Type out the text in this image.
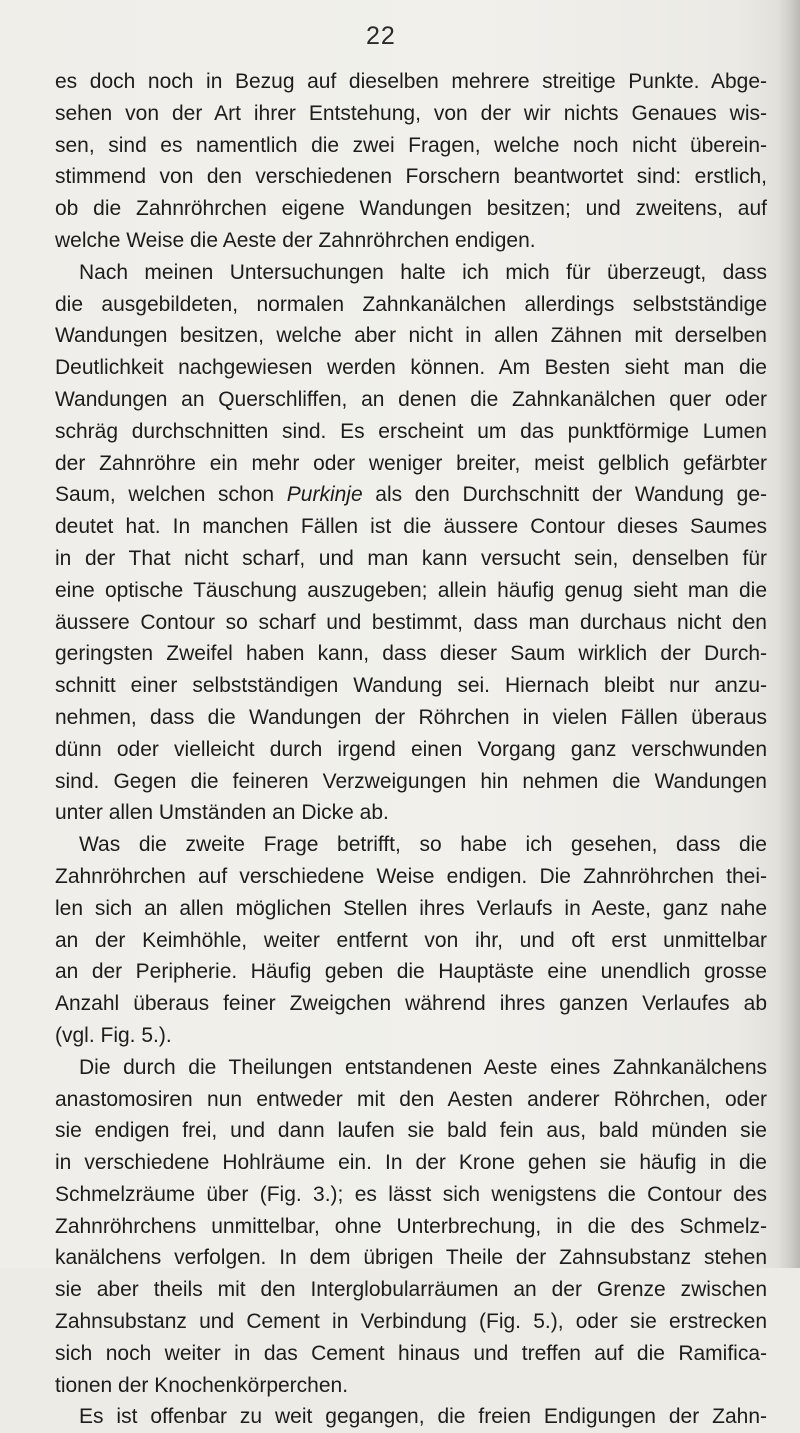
22
es doch noch in Bezug auf dieselben mehrere streitige Punkte. Abge-
sehen von der Art ihrer Entstehung, von der wir nichts Genaues wis-
sen, sind es namentlich die zwei Fragen, welche noch nicht überein-
stimmend von den verschiedenen Forschern beantwortet sind: erstlich,
ob die Zahnröhrchen eigene Wandungen besitzen; und zweitens, auf
welche Weise die Aeste der Zahnröhrchen endigen.
Nach meinen Untersuchungen halte ich mich für überzeugt, dass
die ausgebildeten, normalen Zahnkanälchen allerdings selbstständige
Wandungen besitzen, welche aber nicht in allen Zähnen mit derselben
Deutlichkeit nachgewiesen werden können. Am Besten sieht man die
Wandungen an Querschliffen, an denen die Zahnkanälchen quer oder
schräg durchschnitten sind. Es erscheint um das punktförmige Lumen
der Zahnröhre ein mehr oder weniger breiter, meist gelblich gefärbter
Saum, welchen schon Purkinje als den Durchschnitt der Wandung ge-
deutet hat. In manchen Fällen ist die äussere Contour dieses Saumes
in der That nicht scharf, und man kann versucht sein, denselben für
eine optische Täuschung auszugeben; allein häufig genug sieht man die
äussere Contour so scharf und bestimmt, dass man durchaus nicht den
geringsten Zweifel haben kann, dass dieser Saum wirklich der Durch-
schnitt einer selbstständigen Wandung sei. Hiernach bleibt nur anzu-
nehmen, dass die Wandungen der Röhrchen in vielen Fällen überaus
dünn oder vielleicht durch irgend einen Vorgang ganz verschwunden
sind. Gegen die feineren Verzweigungen hin nehmen die Wandungen
unter allen Umständen an Dicke ab.
Was die zweite Frage betrifft, so habe ich gesehen, dass die
Zahnröhrchen auf verschiedene Weise endigen. Die Zahnröhrchen thei-
len sich an allen möglichen Stellen ihres Verlaufs in Aeste, ganz nahe
an der Keimhöhle, weiter entfernt von ihr, und oft erst unmittelbar
an der Peripherie. Häufig geben die Hauptäste eine unendlich grosse
Anzahl überaus feiner Zweigchen während ihres ganzen Verlaufes ab
(vgl. Fig. 5.).
Die durch die Theilungen entstandenen Aeste eines Zahnkanälchens
anastomosiren nun entweder mit den Aesten anderer Röhrchen, oder
sie endigen frei, und dann laufen sie bald fein aus, bald münden sie
in verschiedene Hohlräume ein. In der Krone gehen sie häufig in die
Schmelzräume über (Fig. 3.); es lässt sich wenigstens die Contour des
Zahnröhrchens unmittelbar, ohne Unterbrechung, in die des Schmelz-
kanälchens verfolgen. In dem übrigen Theile der Zahnsubstanz stehen
sie aber theils mit den Interglobularräumen an der Grenze zwischen
Zahnsubstanz und Cement in Verbindung (Fig. 5.), oder sie erstrecken
sich noch weiter in das Cement hinaus und treffen auf die Ramifica-
tionen der Knochenkörperchen.
Es ist offenbar zu weit gegangen, die freien Endigungen der Zahn-
